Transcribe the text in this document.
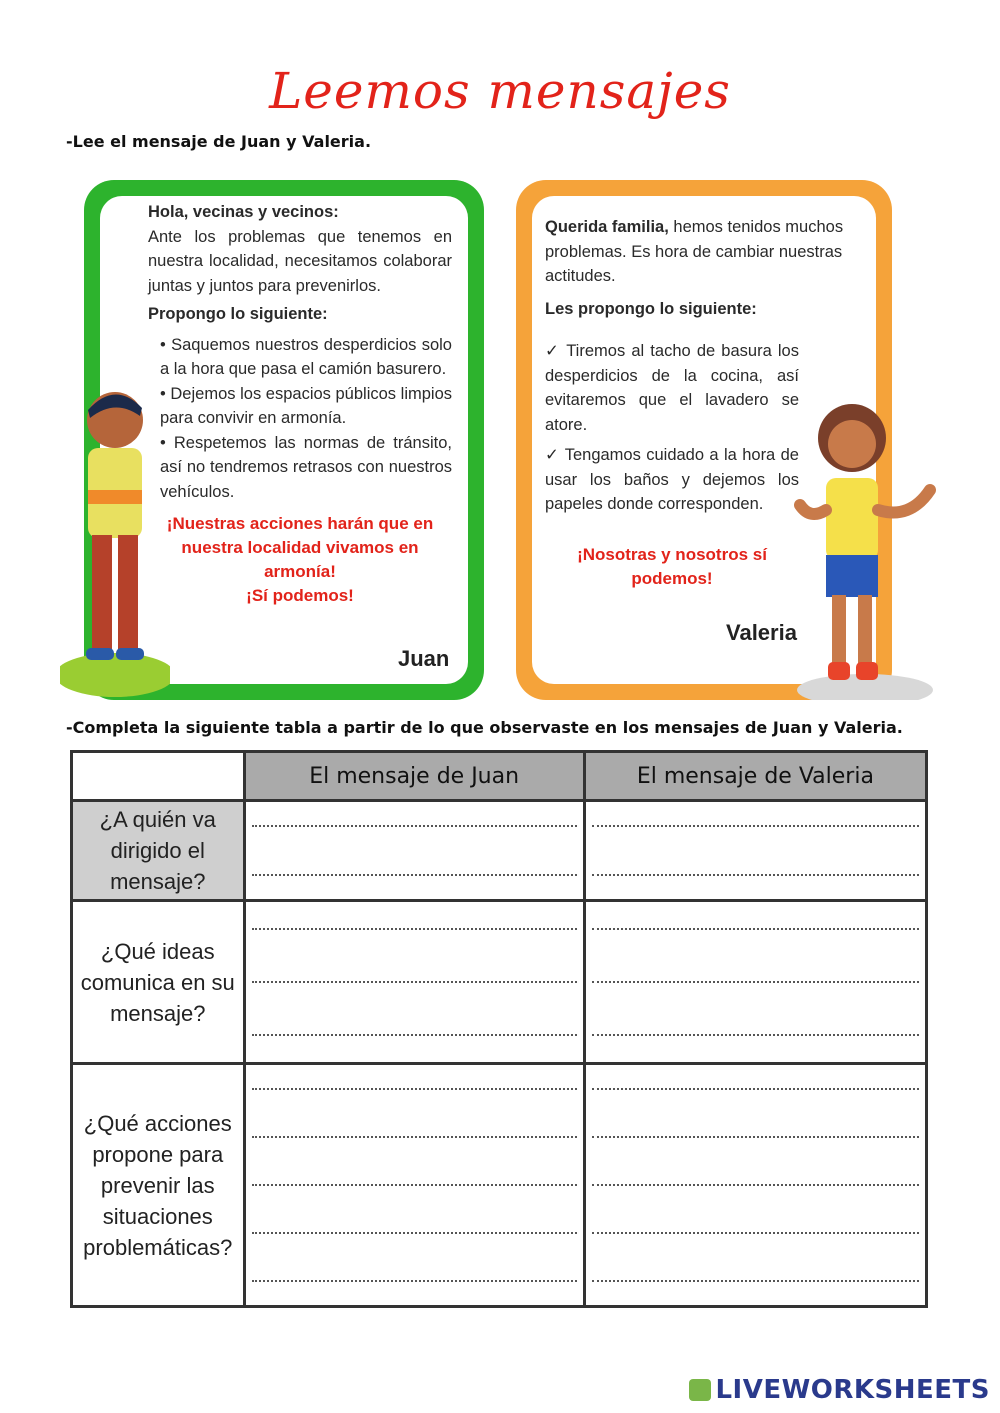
Leemos mensajes
-Lee el mensaje de Juan y Valeria.

Hola, vecinas y vecinos:

Ante los problemas que tenemos en nuestra localidad, necesitamos colaborar juntas y juntos para prevenirlos.

Propongo lo siguiente:

• Saquemos nuestros desperdicios solo a la hora que pasa el camión basurero.

• Dejemos los espacios públicos limpios para convivir en armonía.

• Respetemos las normas de tránsito, así no tendremos retrasos con nuestros vehículos.

¡Nuestras acciones harán que en nuestra localidad vivamos en armonía!

¡Sí podemos!

Juan

Querida familia, hemos tenidos muchos problemas. Es hora de cambiar nuestras actitudes.

Les propongo lo siguiente:

✓ Tiremos al tacho de basura los desperdicios de la cocina, así evitaremos que el lavadero se atore.

✓ Tengamos cuidado a la hora de usar los baños y dejemos los papeles donde corresponden.

¡Nosotras y nosotros sí podemos!

Valeria
-Completa la siguiente tabla a partir de lo que observaste en los mensajes de Juan y Valeria.
	El mensaje de Juan	El mensaje de Valeria
¿A quién va dirigido el mensaje?	

¿Qué ideas comunica en su mensaje?	

¿Qué acciones propone para prevenir las situaciones problemáticas?	

LIVEWORKSHEETS
